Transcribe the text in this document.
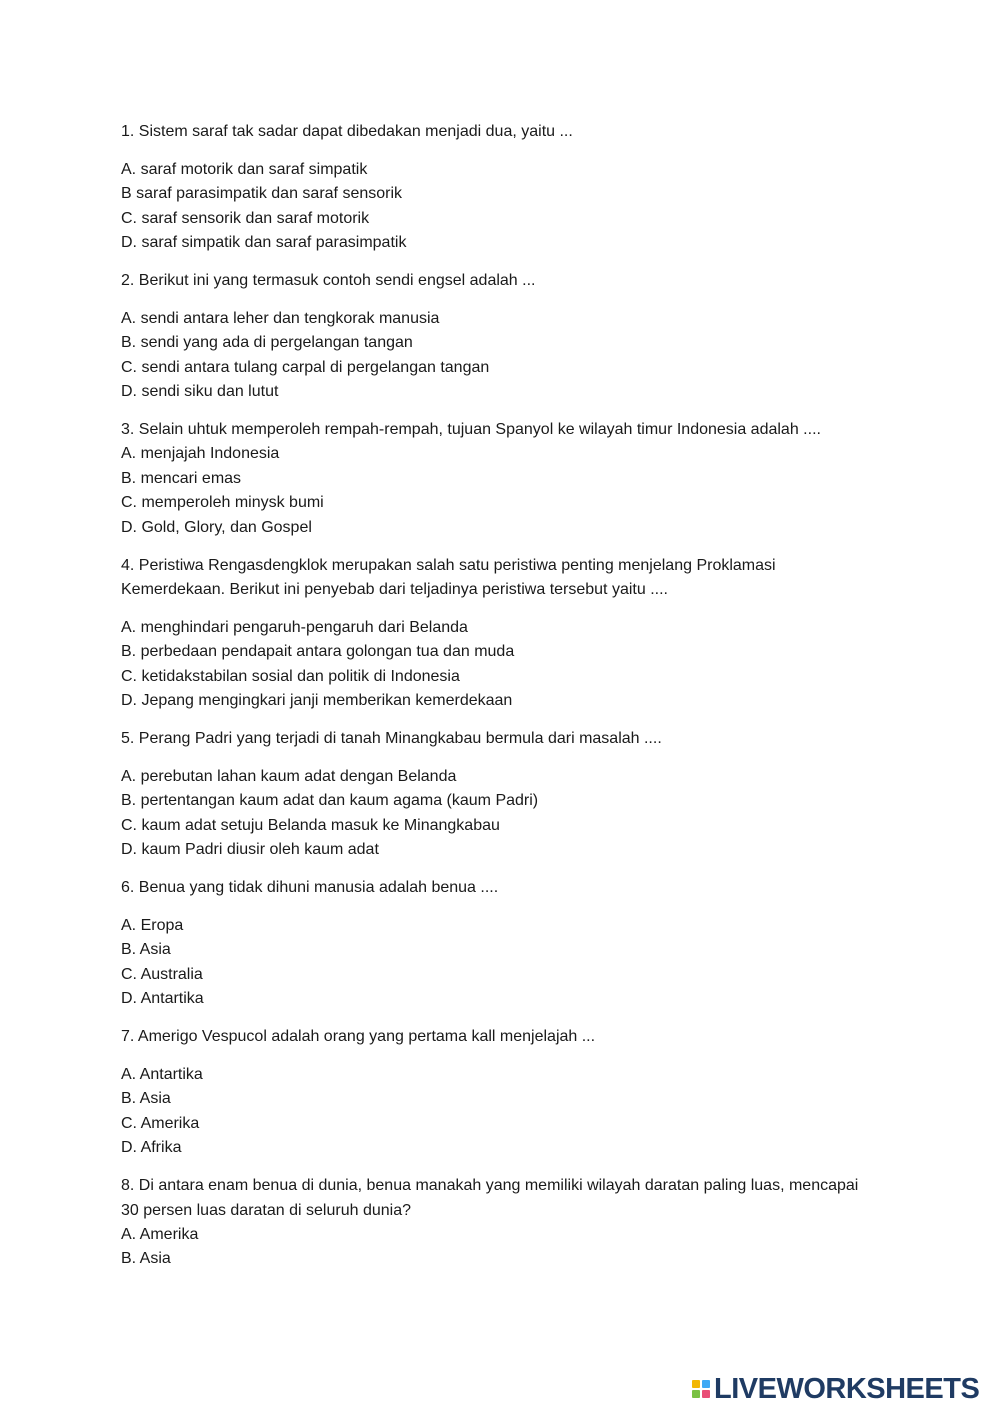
1. Sistem saraf tak sadar dapat dibedakan menjadi dua, yaitu ...

A. saraf motorik dan saraf simpatik

B saraf parasimpatik dan saraf sensorik

C. saraf sensorik dan saraf motorik

D. saraf simpatik dan saraf parasimpatik

2. Berikut ini yang termasuk contoh sendi engsel adalah ...

A. sendi antara leher dan tengkorak manusia

B. sendi yang ada di pergelangan tangan

C. sendi antara tulang carpal di pergelangan tangan

D. sendi siku dan lutut

3. Selain uhtuk memperoleh rempah-rempah, tujuan Spanyol ke wilayah timur Indonesia adalah ....

A. menjajah Indonesia

B. mencari emas

C. memperoleh minysk bumi

D. Gold, Glory, dan Gospel

4. Peristiwa Rengasdengklok merupakan salah satu peristiwa penting menjelang Proklamasi Kemerdekaan. Berikut ini penyebab dari teljadinya peristiwa tersebut yaitu ....

A. menghindari pengaruh-pengaruh dari Belanda

B. perbedaan pendapait antara golongan tua dan muda

C. ketidakstabilan sosial dan politik di Indonesia

D. Jepang mengingkari janji memberikan kemerdekaan

5. Perang Padri yang terjadi di tanah Minangkabau bermula dari masalah ....

A. perebutan lahan kaum adat dengan Belanda

B. pertentangan kaum adat dan kaum agama (kaum Padri)

C. kaum adat setuju Belanda masuk ke Minangkabau

D. kaum Padri diusir oleh kaum adat

6. Benua yang tidak dihuni manusia adalah benua ....

A. Eropa

B. Asia

C. Australia

D. Antartika

7. Amerigo Vespucol adalah orang yang pertama kall menjelajah ...

A. Antartika

B. Asia

C. Amerika

D. Afrika

8. Di antara enam benua di dunia, benua manakah yang memiliki wilayah daratan paling luas, mencapai 30 persen luas daratan di seluruh dunia?

A. Amerika

B. Asia

LIVEWORKSHEETS
